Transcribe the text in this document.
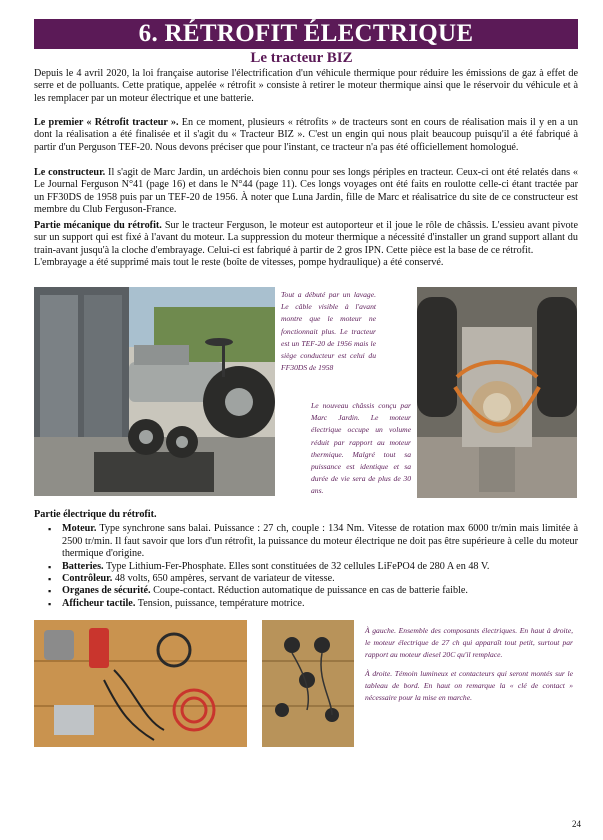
6. RÉTROFIT ÉLECTRIQUE
Le tracteur BIZ

Depuis le 4 avril 2020, la loi française autorise l'électrification d'un véhicule thermique pour réduire les émissions de gaz à effet de serre et de polluants. Cette pratique, appelée « rétrofit » consiste à retirer le moteur thermique ainsi que le réservoir du véhicule et à les remplacer par un moteur électrique et une batterie.

Le premier « Rétrofit tracteur ». En ce moment, plusieurs « rétrofits » de tracteurs sont en cours de réalisation mais il y en a un dont la réalisation a été finalisée et il s'agit du « Tracteur BIZ ». C'est un engin qui nous plait beaucoup puisqu'il a été fabriqué à partir d'un Perguson TEF-20. Nous devons préciser que pour l'instant, ce tracteur n'a pas été officiellement homologué.

Le constructeur. Il s'agit de Marc Jardin, un ardéchois bien connu pour ses longs périples en tracteur. Ceux-ci ont été relatés dans « Le Journal Ferguson N°41 (page 16) et dans le N°44 (page 11). Ces longs voyages ont été faits en roulotte celle-ci étant tractée par un FF30DS de 1958 puis par un TEF-20 de 1956. À noter que Luna Jardin, fille de Marc et réalisatrice du site de ce constructeur est membre du Club Ferguson-France.

Partie mécanique du rétrofit. Sur le tracteur Ferguson, le moteur est autoporteur et il joue le rôle de châssis. L'essieu avant pivote sur un support qui est fixé à l'avant du moteur. La suppression du moteur thermique a nécessité d'installer un grand support allant du train-avant jusqu'à la cloche d'embrayage. Celui-ci est fabriqué à partir de 2 gros IPN. Cette pièce est la base de ce rétrofit.
L'embrayage a été supprimé mais tout le reste (boîte de vitesses, pompe hydraulique) a été conservé.

Tout a débuté par un lavage. Le câble visible à l'avant montre que le moteur ne fonctionnait plus. Le tracteur est un TEF-20 de 1956 mais le siège conducteur est celui du FF30DS de 1958

Le nouveau châssis conçu par Marc Jardin. Le moteur électrique occupe un volume réduit par rapport au moteur thermique. Malgré tout sa puissance est identique et sa durée de vie sera de plus de 30 ans.

Partie électrique du rétrofit.
▪ Moteur. Type synchrone sans balai. Puissance : 27 ch, couple : 134 Nm. Vitesse de rotation max 6000 tr/min mais limitée à 2500 tr/min. Il faut savoir que lors d'un rétrofit, la puissance du moteur électrique ne doit pas être supérieure à celle du moteur thermique d'origine.
▪ Batteries. Type Lithium-Fer-Phosphate. Elles sont constituées de 32 cellules LiFePO4 de 280 A en 48 V.
▪ Contrôleur. 48 volts, 650 ampères, servant de variateur de vitesse.
▪ Organes de sécurité. Coupe-contact. Réduction automatique de puissance en cas de batterie faible.
▪ Afficheur tactile. Tension, puissance, température motrice.

À gauche. Ensemble des composants électriques. En haut à droite, le moteur électrique de 27 ch qui apparaît tout petit, surtout par rapport au moteur diesel 20C qu'il remplace.

À droite. Témoin lumineux et contacteurs qui seront montés sur le tableau de bord. En haut on remarque la « clé de contact » nécessaire pour la mise en marche.

24
